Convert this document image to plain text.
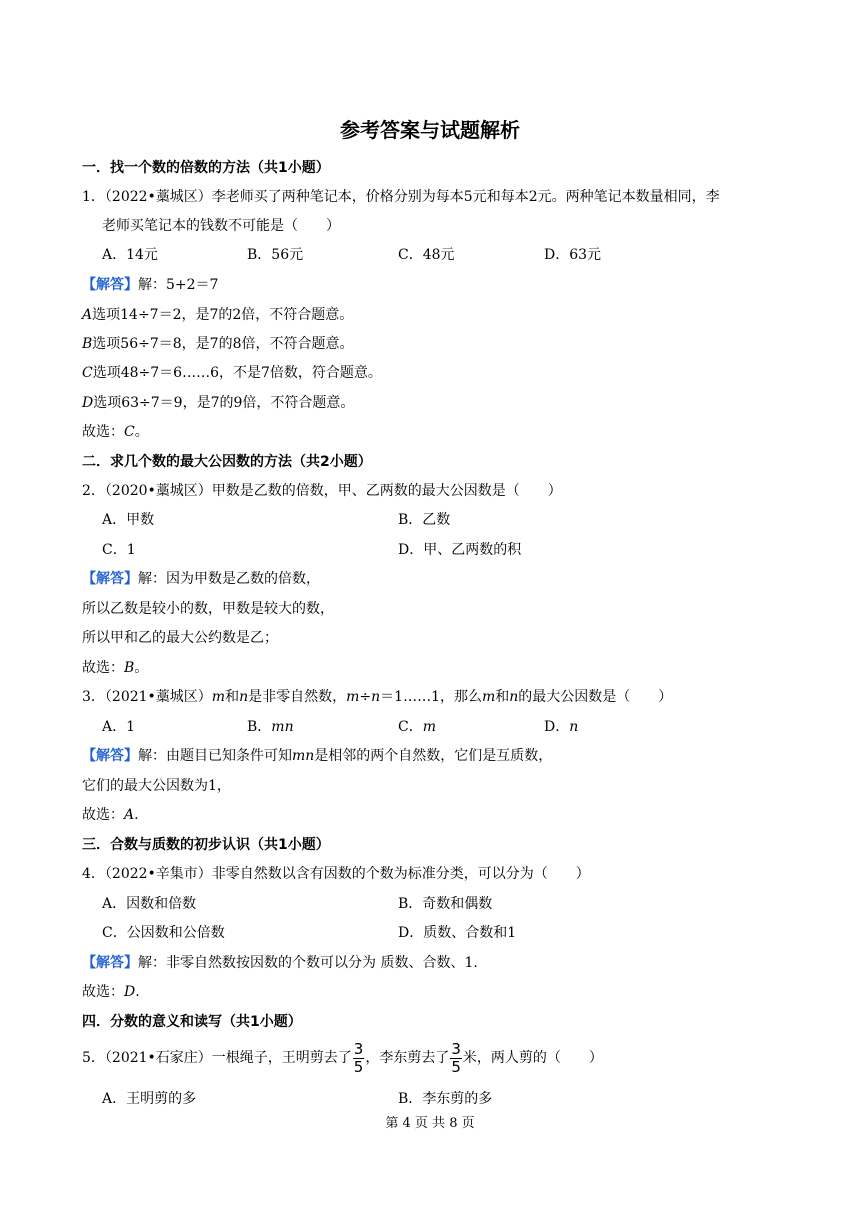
参考答案与试题解析
一．找一个数的倍数的方法（共1小题）
1．（2022•藁城区）李老师买了两种笔记本，价格分别为每本5元和每本2元。两种笔记本数量相同，李
老师买笔记本的钱数不可能是（　　）
A．14元	B．56元	C．48元	D．63元
【解答】解：5+2＝7
A选项14÷7＝2，是7的2倍，不符合题意。
B选项56÷7＝8，是7的8倍，不符合题意。
C选项48÷7＝6……6，不是7倍数，符合题意。
D选项63÷7＝9，是7的9倍，不符合题意。
故选：C。
二．求几个数的最大公因数的方法（共2小题）
2．（2020•藁城区）甲数是乙数的倍数，甲、乙两数的最大公因数是（　　）
A．甲数	B．乙数
C．1	D．甲、乙两数的积
【解答】解：因为甲数是乙数的倍数，
所以乙数是较小的数，甲数是较大的数，
所以甲和乙的最大公约数是乙；
故选：B。
3．（2021•藁城区）m和n是非零自然数，m÷n＝1……1，那么m和n的最大公因数是（　　）
A．1	B．mn	C．m	D．n
【解答】解：由题目已知条件可知mn是相邻的两个自然数，它们是互质数，
它们的最大公因数为1，
故选：A.
三．合数与质数的初步认识（共1小题）
4．（2022•辛集市）非零自然数以含有因数的个数为标准分类，可以分为（　　）
A．因数和倍数	B．奇数和偶数
C．公因数和公倍数	D．质数、合数和1
【解答】解：非零自然数按因数的个数可以分为 质数、合数、1.
故选：D.
四．分数的意义和读写（共1小题）
5．（2021•石家庄）一根绳子，王明剪去了 $\frac{3}{5}$ ，李东剪去了 $\frac{3}{5}$ 米，两人剪的（　　）
A．王明剪的多	B．李东剪的多
第 4 页 共 8 页
